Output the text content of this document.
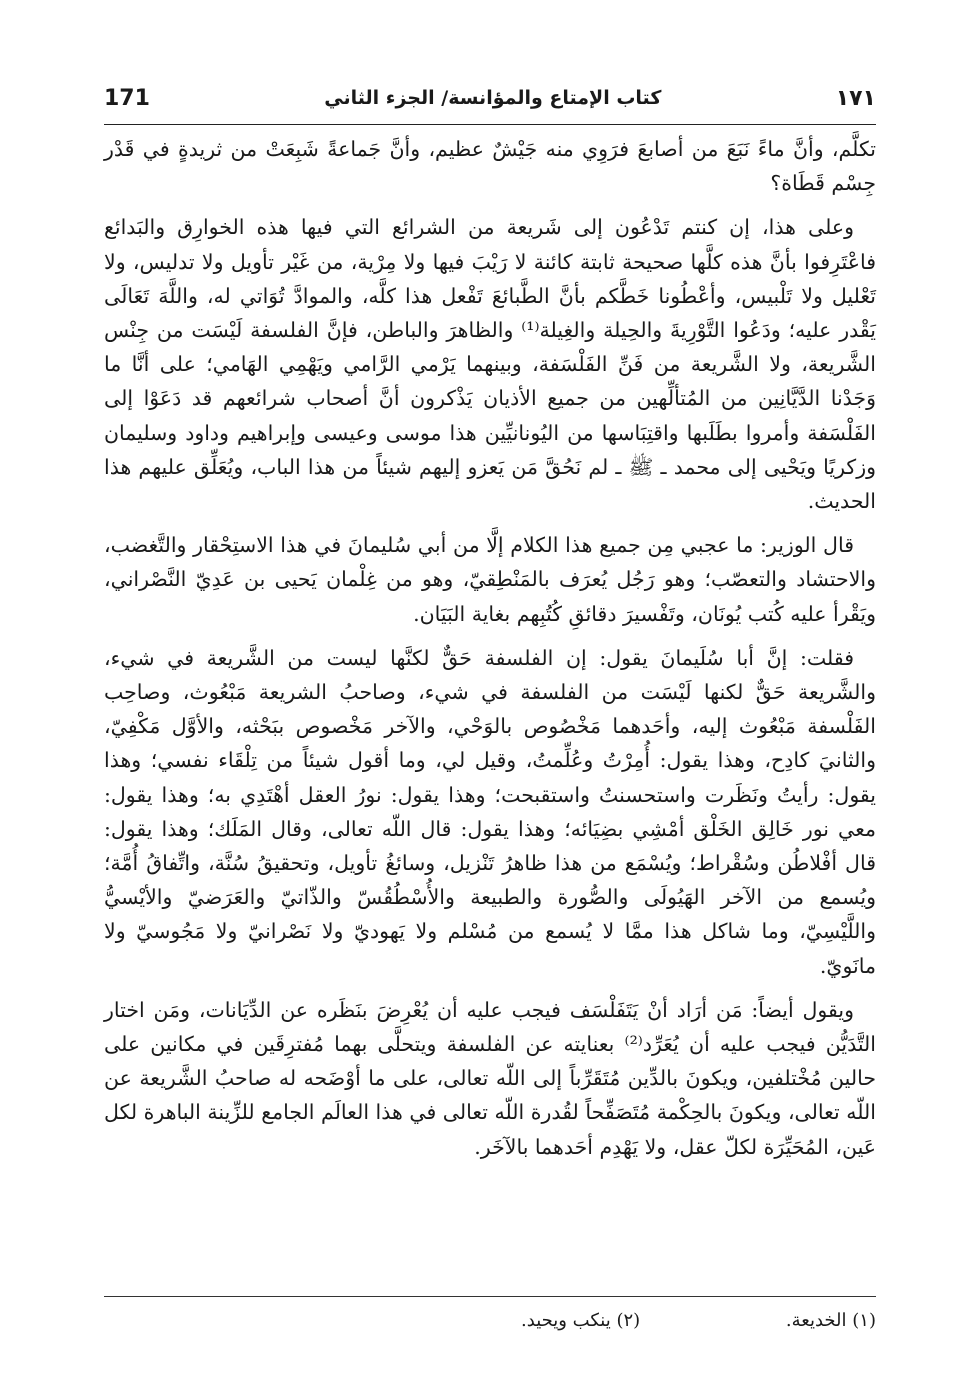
171	كتاب الإمتاع والمؤانسة/ الجزء الثاني	١٧١

تكلَّم، وأنَّ ماءً نَبَعَ من أصابعَ فرَوِي منه جَيْشٌ عظيم، وأنَّ جَماعةً شَبِعَتْ من ثريدةٍ في قَدْر جِسْم قَطَاة؟

وعلى هذا، إن كنتم تَدْعُون إلى شَريعة من الشرائع التي فيها هذه الخوارِق والبَدائع فاعْتَرِفوا بأنَّ هذه كلَّها صحيحة ثابتة كائنة لا رَيْبَ فيها ولا مِرْية، من غَيْر تأويل ولا تدليس، ولا تَعْليل ولا تَلْبيس، وأعْطُونا خَطَّكم بأنَّ الطَّبائعَ تَفْعل هذا كلَّه، والموادَّ تُوَاتي له، واللَّهَ تَعَالَى يَقْدر عليه؛ ودَعُوا التَّوْرِيةَ والحِيلة والغِيلة⁽¹⁾ والظاهرَ والباطن، فإنَّ الفلسفة لَيْسَت من جِنْس الشَّريعة، ولا الشَّريعة من فَنِّ الفَلْسَفة، وبينهما يَرْمي الرَّامي ويَهْمِي الهَامي؛ على أنَّا ما وَجَدْنا الدَّيَّانِين من المُتألِّهين من جميع الأذيان يَذْكرون أنَّ أصحاب شرائعهم قد دَعَوْا إلى الفَلْسَفة وأمروا بطَلَبها واقتِبَاسها من اليُونانيِّين هذا موسى وعيسى وإبراهيم وداود وسليمان وزكريًا ويَحْيى إلى محمد ـ ﷺ ـ لم نَحُقَّ مَن يَعزو إليهم شيئاً من هذا الباب، ويُعَلِّق عليهم هذا الحديث.

قال الوزير: ما عجبي مِن جميع هذا الكلام إلَّا من أبي سُليمانَ في هذا الاستِحْقار والتَّغضب، والاحتشاد والتعصّب؛ وهو رَجُل يُعرَف بالمَنْطِقيّ، وهو من غِلْمان يَحيى بن عَدِيّ النَّصْراني، ويَقْرأ عليه كُتب يُونَان، وتَفْسيرَ دقائقِ كُتُبِهم بغاية البَيَان.

فقلت: إنَّ أبا سُلَيمانَ يقول: إن الفلسفة حَقٌّ لكنَّها ليست من الشَّريعة في شيء، والشَّريعة حَقٌّ لكنها لَيْسَت من الفلسفة في شيء، وصاحبُ الشريعة مَبْعُوث، وصاحِب الفَلْسفة مَبْعُوث إليه، وأحَدهما مَخْصُوص بالوَحْي، والآخر مَخْصوص ببَحْثه، والأوَّل مَكْفِيّ، والثانيَ كادِح، وهذا يقول: أُمِرْتُ وعُلِّمتُ، وقيل لي، وما أقول شيئاً من تِلْقَاء نفسي؛ وهذا يقول: رأيتُ ونَظَرت واستحسنتُ واستقبحت؛ وهذا يقول: نورُ العقل أهْتَدِي به؛ وهذا يقول: معي نور خَالِق الخَلْق أمْشِي بضِيَائه؛ وهذا يقول: قال اللّه تعالى، وقال المَلَك؛ وهذا يقول: قال أفْلاطُن وسُقْراط؛ ويُسْمَع من هذا ظاهرُ تَنْزيل، وسائغُ تأويل، وتحقيقُ سُنَّة، واتِّفاقُ أُمَّة؛ ويُسمع من الآخر الهَيُولَى والصُّورة والطبيعة والأُسْطُقُسّ والذّاتيّ والعَرَضيّ والأيْسيُّ واللَّيْسِيّ، وما شاكل هذا ممَّا لا يُسمع من مُسْلم ولا يَهوديّ ولا نَصْرانيّ ولا مَجُوسيّ ولا مانَويّ.

ويقول أيضاً: مَن أرَاد أنْ يَتَفَلْسَف فيجب عليه أن يُعْرِضَ بنَظَره عن الدِّيَانات، ومَن اختار التَّدَيُّن فيجب عليه أن يُعَرِّد⁽²⁾ بعنايته عن الفلسفة ويتحلَّى بهما مُفترِقَين في مكانين على حالين مُخْتلفين، ويكونَ بالدِّين مُتَقَرِّباً إلى اللّه تعالى، على ما أوْضَحه له صاحبُ الشَّريعة عن اللّه تعالى، ويكونَ بالحِكْمة مُتَصَفِّحاً لقُدرة اللّه تعالى في هذا العالَم الجامع للزِّينة الباهرة لكل عَين، المُحَيِّرَة لكلّ عقل، ولا يَهْدِم أحَدهما بالآخَر.

(١) الخديعة. (٢) ينكب ويحيد.
